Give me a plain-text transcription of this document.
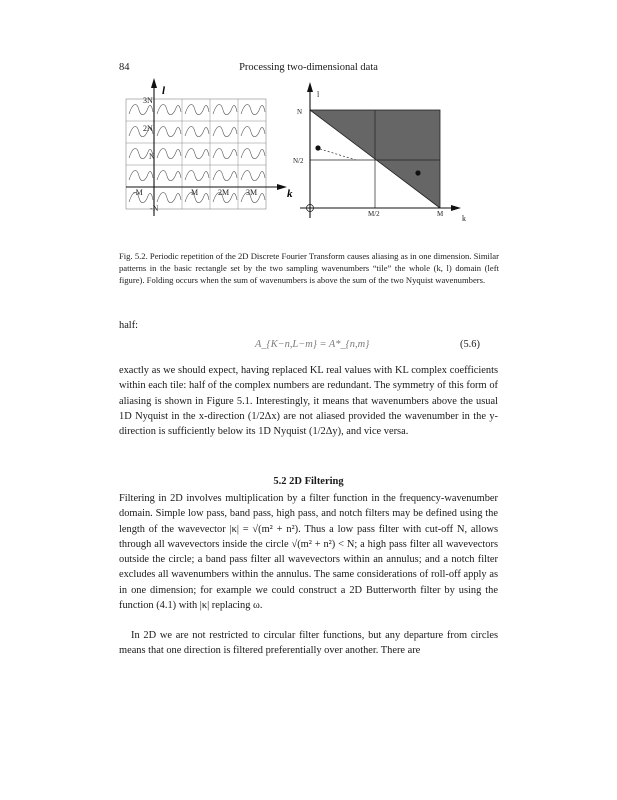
84	Processing two-dimensional data
l
k
3N
2N
N
-N
-M	M 2M 3M
l
k
N
N/2
M/2	M
Fig. 5.2. Periodic repetition of the 2D Discrete Fourier Transform causes aliasing as in one dimension. Similar patterns in the basic rectangle set by the two sampling wavenumbers “tile” the whole (k, l) domain (left figure). Folding occurs when the sum of wavenumbers is above the sum of the two Nyquist wavenumbers.
half:
A_{K−n,L−m} = A*_{n,m}	(5.6)
exactly as we should expect, having replaced KL real values with KL complex coefficients within each tile: half of the complex numbers are redundant. The symmetry of this form of aliasing is shown in Figure 5.1. Interestingly, it means that wavenumbers above the usual 1D Nyquist in the x-direction (1/2Δx) are not aliased provided the wavenumber in the y-direction is sufficiently below its 1D Nyquist (1/2Δy), and vice versa.
5.2 2D Filtering
Filtering in 2D involves multiplication by a filter function in the frequency-wavenumber domain. Simple low pass, band pass, high pass, and notch filters may be defined using the length of the wavevector |κ| = √(m² + n²). Thus a low pass filter with cut-off N, allows through all wavevectors inside the circle √(m² + n²) < N; a high pass filter all wavevectors outside the circle; a band pass filter all wavevectors within an annulus; and a notch filter excludes all wavenumbers within the annulus. The same considerations of roll-off apply as in one dimension; for example we could construct a 2D Butterworth filter by using the function (4.1) with |κ| replacing ω.
In 2D we are not restricted to circular filter functions, but any departure from circles means that one direction is filtered preferentially over another. There are
